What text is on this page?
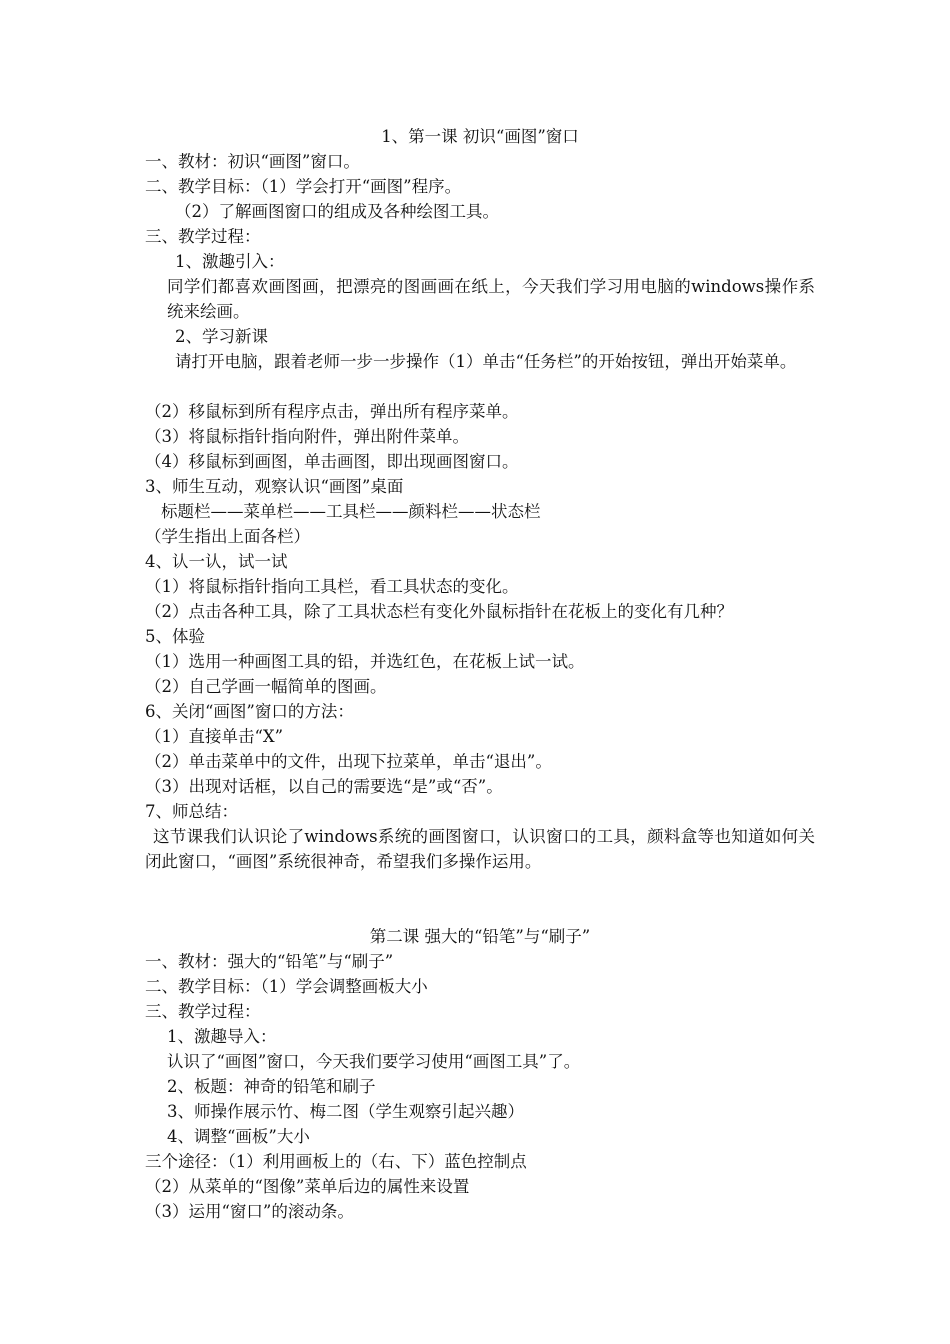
1、第一课 初识“画图”窗口
一、教材：初识“画图”窗口。
二、教学目标：（1）学会打开“画图”程序。
（2）了解画图窗口的组成及各种绘图工具。
三、教学过程：
1、激趣引入：
同学们都喜欢画图画，把漂亮的图画画在纸上，今天我们学习用电脑的windows操作系统来绘画。
2、学习新课
请打开电脑，跟着老师一步一步操作（1）单击“任务栏”的开始按钮，弹出开始菜单。
（2）移鼠标到所有程序点击，弹出所有程序菜单。
（3）将鼠标指针指向附件，弹出附件菜单。
（4）移鼠标到画图，单击画图，即出现画图窗口。
3、师生互动，观察认识“画图”桌面
标题栏——菜单栏——工具栏——颜料栏——状态栏
（学生指出上面各栏）
4、认一认，试一试
（1）将鼠标指针指向工具栏，看工具状态的变化。
（2）点击各种工具，除了工具状态栏有变化外鼠标指针在花板上的变化有几种？
5、体验
（1）选用一种画图工具的铅，并选红色，在花板上试一试。
（2）自己学画一幅简单的图画。
6、关闭“画图”窗口的方法：
（1）直接单击“X”
（2）单击菜单中的文件，出现下拉菜单，单击“退出”。
（3）出现对话框，以自己的需要选“是”或“否”。
7、师总结：
这节课我们认识论了windows系统的画图窗口，认识窗口的工具，颜料盒等也知道如何关闭此窗口，“画图”系统很神奇，希望我们多操作运用。
第二课 强大的“铅笔”与“刷子”
一、教材：强大的“铅笔”与“刷子”
二、教学目标：（1）学会调整画板大小
三、教学过程：
1、激趣导入：
认识了“画图”窗口，今天我们要学习使用“画图工具”了。
2、板题：神奇的铅笔和刷子
3、师操作展示竹、梅二图（学生观察引起兴趣）
4、调整“画板”大小
三个途径：（1）利用画板上的（右、下）蓝色控制点
（2）从菜单的“图像”菜单后边的属性来设置
（3）运用“窗口”的滚动条。
